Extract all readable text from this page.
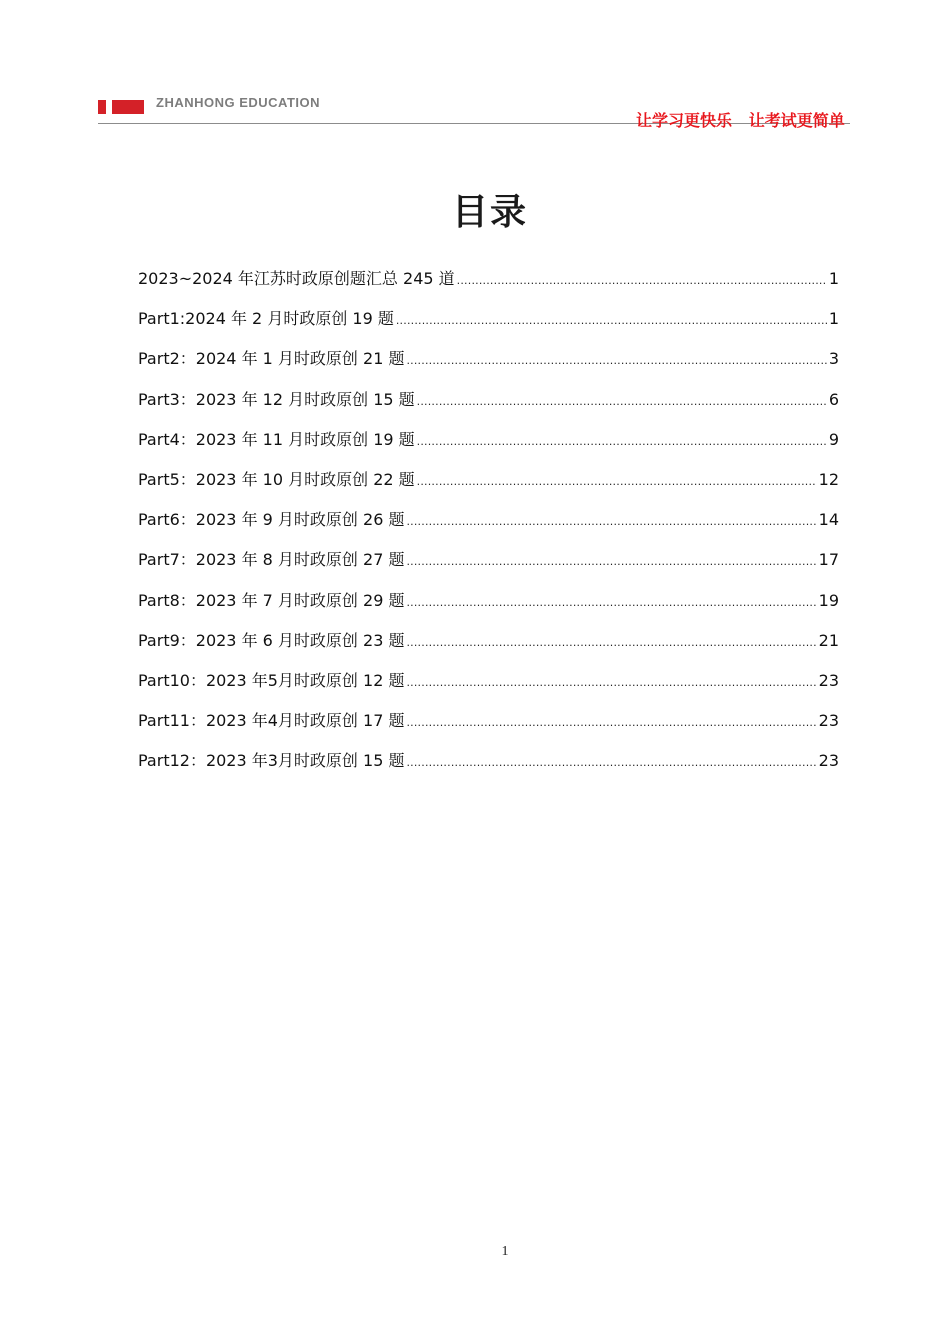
ZHANHONG EDUCATION
让学习更快乐   让考试更简单
目录
2023~2024 年江苏时政原创题汇总 245 道 .....	1
Part1:2024 年 2 月时政原创 19 题 .....	1
Part2：2024 年 1 月时政原创 21 题 .....	3
Part3：2023 年 12 月时政原创 15 题 .....	6
Part4：2023 年 11 月时政原创 19 题 .....	9
Part5：2023 年 10 月时政原创 22 题 .....	12
Part6：2023 年 9 月时政原创 26 题 .....	14
Part7：2023 年 8 月时政原创 27 题 .....	17
Part8：2023 年 7 月时政原创 29 题 .....	19
Part9：2023 年 6 月时政原创 23 题 .....	21
Part10：2023 年5月时政原创 12 题 .....	23
Part11：2023 年4月时政原创 17 题 .....	23
Part12：2023 年3月时政原创 15 题 .....	23
1
